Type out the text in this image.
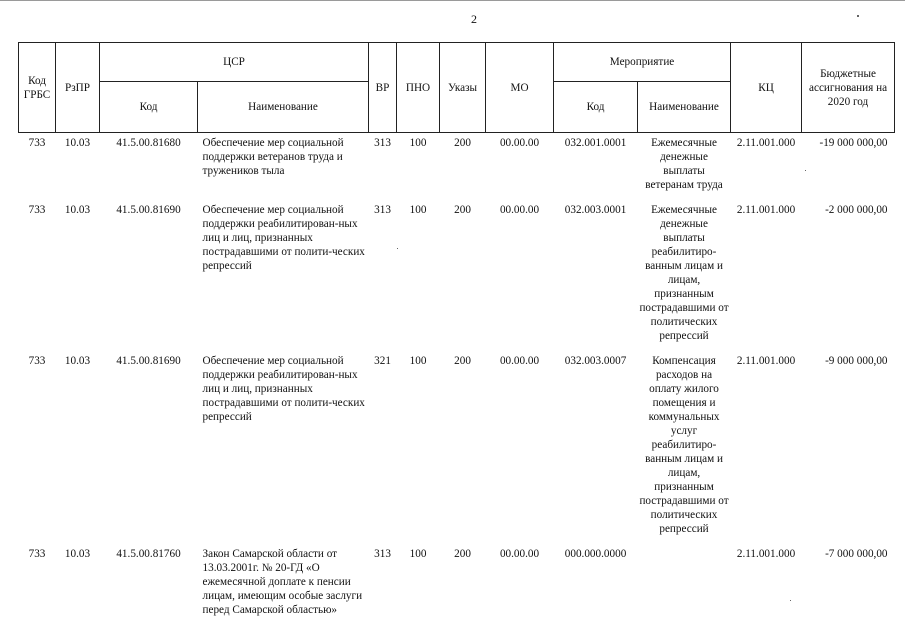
2
Код ГРБС	РзПР	ЦСР		ВР	ПНО	Указы	МО	Мероприятие		КЦ	Бюджетные ассигнования на 2020 год
		Код	Наименование					Код	Наименование		
733	10.03	41.5.00.81680	Обеспечение мер социальной поддержки ветеранов труда и тружеников тыла	313	100	200	00.00.00	032.001.0001	Ежемесячные денежные выплаты ветеранам труда	2.11.001.000	-19 000 000,00
733	10.03	41.5.00.81690	Обеспечение мер социальной поддержки реабилитирован-ных лиц и лиц, признанных пострадавшими от полити-ческих репрессий	313	100	200	00.00.00	032.003.0001	Ежемесячные денежные выплаты реабилитиро-ванным лицам и лицам, признанным пострадавшими от политических репрессий	2.11.001.000	-2 000 000,00
733	10.03	41.5.00.81690	Обеспечение мер социальной поддержки реабилитирован-ных лиц и лиц, признанных пострадавшими от полити-ческих репрессий	321	100	200	00.00.00	032.003.0007	Компенсация расходов на оплату жилого помещения и коммунальных услуг реабилитиро-ванным лицам и лицам, признанным пострадавшими от политических репрессий	2.11.001.000	-9 000 000,00
733	10.03	41.5.00.81760	Закон Самарской области от 13.03.2001г. № 20-ГД «О ежемесячной доплате к пенсии лицам, имеющим особые заслуги перед Самарской областью»	313	100	200	00.00.00	000.000.0000		2.11.001.000	-7 000 000,00
